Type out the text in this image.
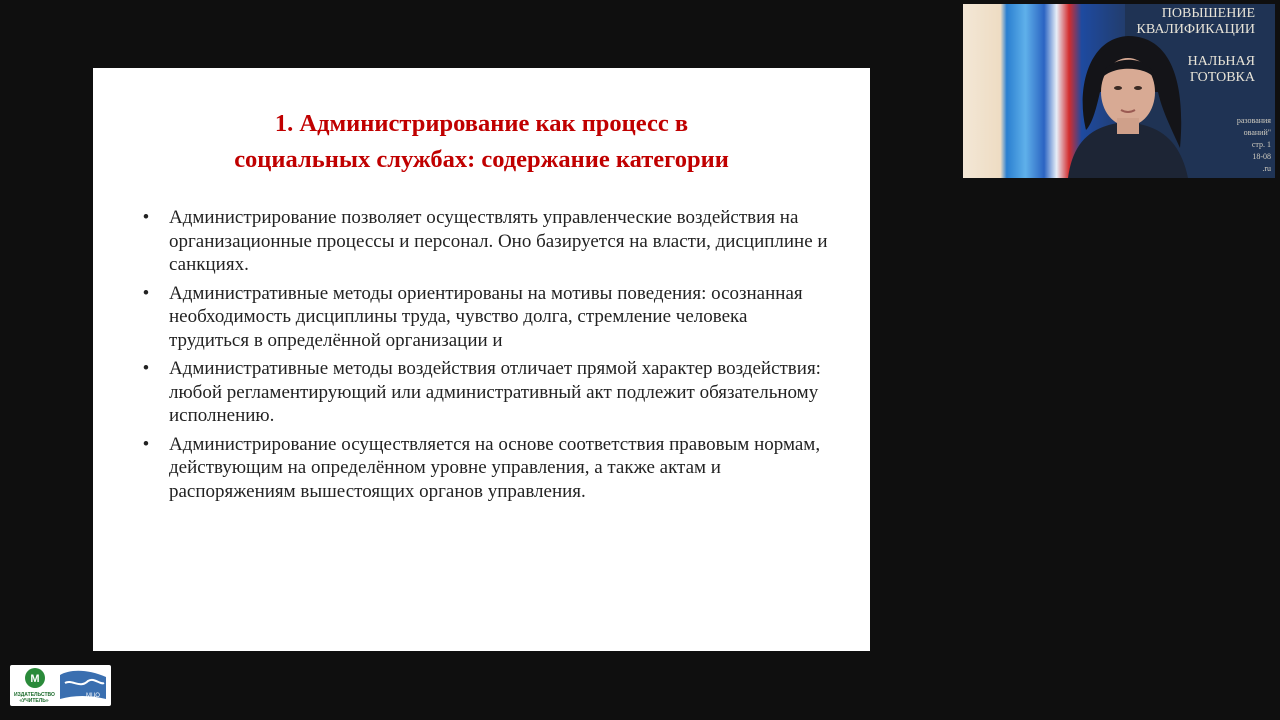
1. Администрирование как процесс в
социальных службах: содержание категории
• Администрирование позволяет осуществлять управленческие воздействия на организационные процессы и персонал. Оно базируется на власти, дисциплине и санкциях.
• Административные методы ориентированы на мотивы поведения: осознанная необходимость дисциплины труда, чувство долга, стремление человека трудиться в определённой организации и
• Административные методы воздействия отличает прямой характер воздействия: любой регламентирующий или административный акт подлежит обязательному исполнению.
• Администрирование осуществляется на основе соответствия правовым нормам, действующим на определённом уровне управления, а также актам и распоряжениям вышестоящих органов управления.
ПОВЫШЕНИЕ
КВАЛИФИКАЦИИ
НАЛЬНАЯ
ГОТОВКА
разования
ований"
стр. 1
18-08
.ru
М
МЦО
ИЗДАТЕЛЬСТВО
«УЧИТЕЛЬ»
